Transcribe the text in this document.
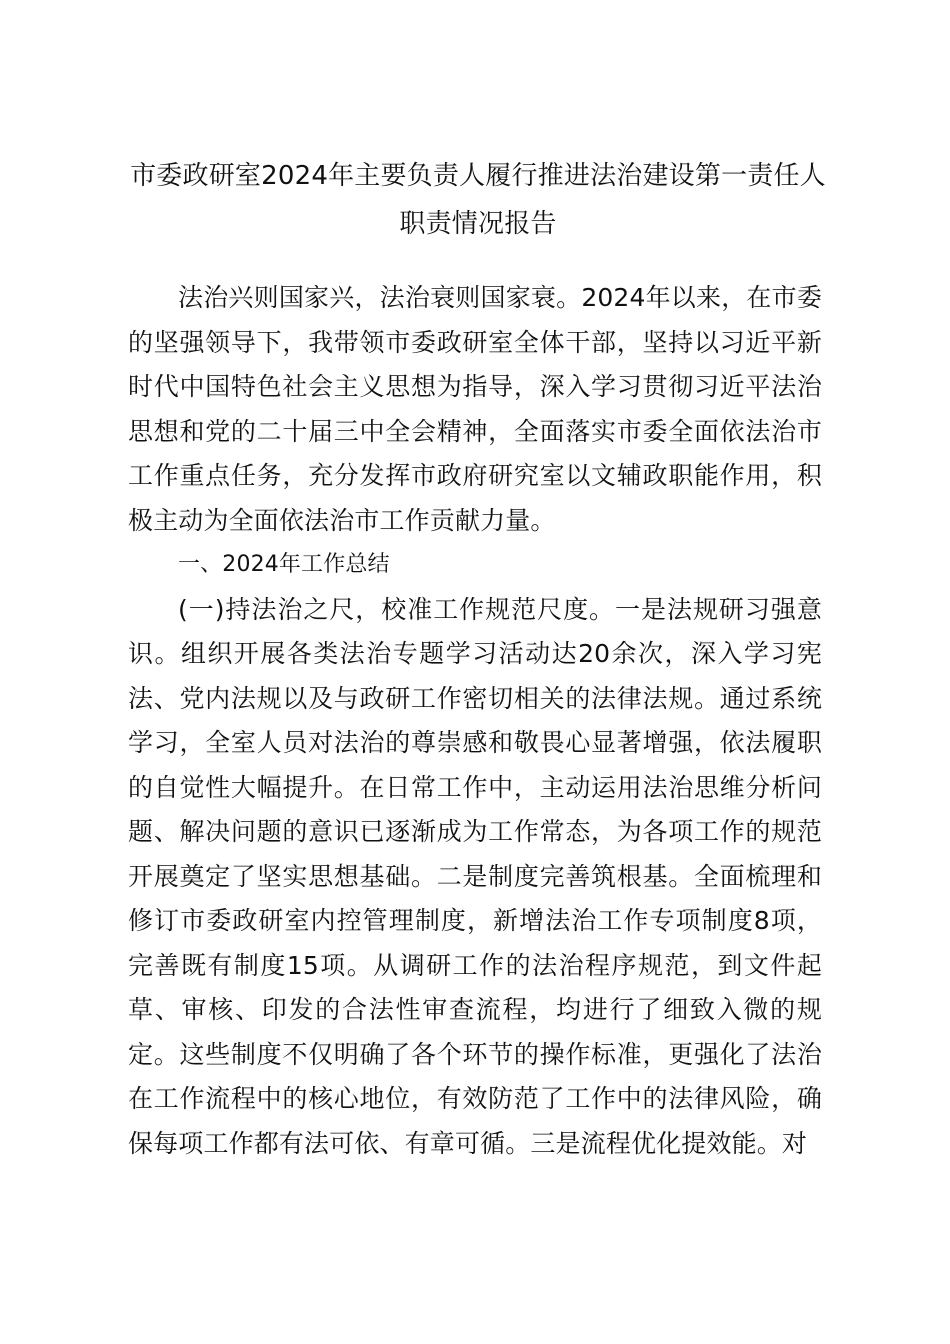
市委政研室2024年主要负责人履行推进法治建设第一责任人职责情况报告

法治兴则国家兴，法治衰则国家衰。2024年以来，在市委的坚强领导下，我带领市委政研室全体干部，坚持以习近平新时代中国特色社会主义思想为指导，深入学习贯彻习近平法治思想和党的二十届三中全会精神，全面落实市委全面依法治市工作重点任务，充分发挥市政府研究室以文辅政职能作用，积极主动为全面依法治市工作贡献力量。

一、2024年工作总结

(一)持法治之尺，校准工作规范尺度。一是法规研习强意识。组织开展各类法治专题学习活动达20余次，深入学习宪法、党内法规以及与政研工作密切相关的法律法规。通过系统学习，全室人员对法治的尊崇感和敬畏心显著增强，依法履职的自觉性大幅提升。在日常工作中，主动运用法治思维分析问题、解决问题的意识已逐渐成为工作常态，为各项工作的规范开展奠定了坚实思想基础。二是制度完善筑根基。全面梳理和修订市委政研室内控管理制度，新增法治工作专项制度8项，完善既有制度15项。从调研工作的法治程序规范，到文件起草、审核、印发的合法性审查流程，均进行了细致入微的规定。这些制度不仅明确了各个环节的操作标准，更强化了法治在工作流程中的核心地位，有效防范了工作中的法律风险，确保每项工作都有法可依、有章可循。三是流程优化提效能。对
